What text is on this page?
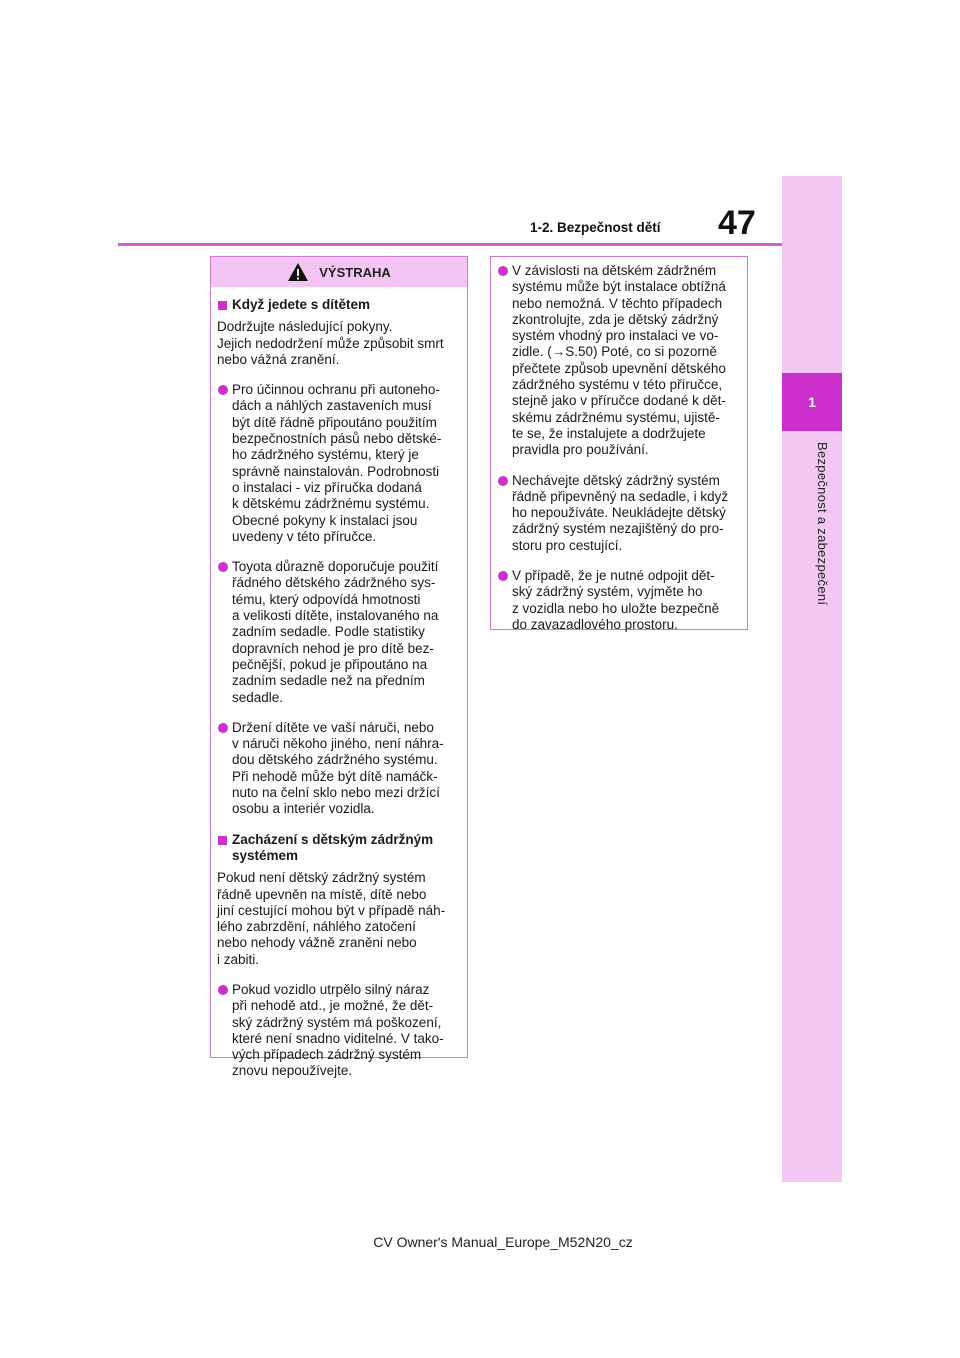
1
Bezpečnost a zabezpečení
47
1-2. Bezpečnost dětí
VÝSTRAHA
Když jedete s dítětem
Dodržujte následující pokyny.
Jejich nedodržení může způsobit smrt
nebo vážná zranění.
Pro účinnou ochranu při autoneho-
dách a náhlých zastaveních musí
být dítě řádně připoutáno použitím
bezpečnostních pásů nebo dětské-
ho zádržného systému, který je
správně nainstalován. Podrobnosti
o instalaci - viz příručka dodaná
k dětskému zádržnému systému.
Obecné pokyny k instalaci jsou
uvedeny v této příručce.
Toyota důrazně doporučuje použití
řádného dětského zádržného sys-
tému, který odpovídá hmotnosti
a velikosti dítěte, instalovaného na
zadním sedadle. Podle statistiky
dopravních nehod je pro dítě bez-
pečnější, pokud je připoutáno na
zadním sedadle než na předním
sedadle.
Držení dítěte ve vaší náruči, nebo
v náruči někoho jiného, není náhra-
dou dětského zádržného systému.
Při nehodě může být dítě namáčk-
nuto na čelní sklo nebo mezi držící
osobu a interiér vozidla.
Zacházení s dětským zádržným
systémem
Pokud není dětský zádržný systém
řádně upevněn na místě, dítě nebo
jiní cestující mohou být v případě náh-
lého zabrzdění, náhlého zatočení
nebo nehody vážně zraněni nebo
i zabiti.
Pokud vozidlo utrpělo silný náraz
při nehodě atd., je možné, že dět-
ský zádržný systém má poškození,
které není snadno viditelné. V tako-
vých případech zádržný systém
znovu nepoužívejte.
V závislosti na dětském zádržném
systému může být instalace obtížná
nebo nemožná. V těchto případech
zkontrolujte, zda je dětský zádržný
systém vhodný pro instalaci ve vo-
zidle. (→S.50) Poté, co si pozorně
přečtete způsob upevnění dětského
zádržného systému v této příručce,
stejně jako v příručce dodané k dět-
skému zádržnému systému, ujistě-
te se, že instalujete a dodržujete
pravidla pro používání.
Nechávejte dětský zádržný systém
řádně připevněný na sedadle, i když
ho nepoužíváte. Neukládejte dětský
zádržný systém nezajištěný do pro-
storu pro cestující.
V případě, že je nutné odpojit dět-
ský zádržný systém, vyjměte ho
z vozidla nebo ho uložte bezpečně
do zavazadlového prostoru.
CV Owner's Manual_Europe_M52N20_cz
